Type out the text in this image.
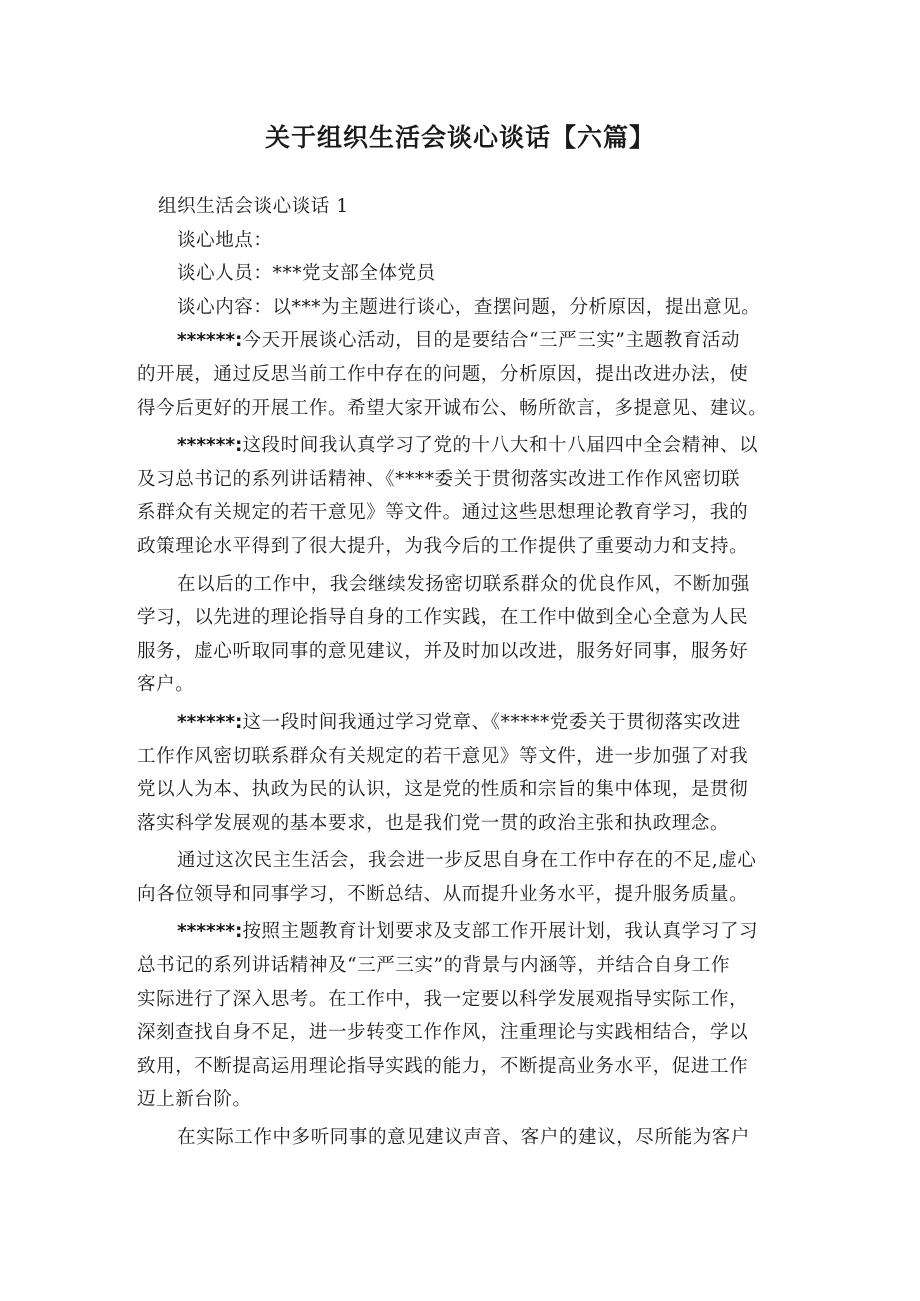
关于组织生活会谈心谈话【六篇】
组织生活会谈心谈话 1
谈心地点：
谈心人员：***党支部全体党员
谈心内容：以***为主题进行谈心，查摆问题，分析原因，提出意见。
******:今天开展谈心活动，目的是要结合“三严三实”主题教育活动
的开展，通过反思当前工作中存在的问题，分析原因，提出改进办法，使
得今后更好的开展工作。希望大家开诚布公、畅所欲言，多提意见、建议。
******:这段时间我认真学习了党的十八大和十八届四中全会精神、以
及习总书记的系列讲话精神、《****委关于贯彻落实改进工作作风密切联
系群众有关规定的若干意见》等文件。通过这些思想理论教育学习，我的
政策理论水平得到了很大提升，为我今后的工作提供了重要动力和支持。
在以后的工作中，我会继续发扬密切联系群众的优良作风，不断加强
学习，以先进的理论指导自身的工作实践，在工作中做到全心全意为人民
服务，虚心听取同事的意见建议，并及时加以改进，服务好同事，服务好
客户。
******:这一段时间我通过学习党章、《*****党委关于贯彻落实改进
工作作风密切联系群众有关规定的若干意见》等文件，进一步加强了对我
党以人为本、执政为民的认识，这是党的性质和宗旨的集中体现，是贯彻
落实科学发展观的基本要求，也是我们党一贯的政治主张和执政理念。
通过这次民主生活会，我会进一步反思自身在工作中存在的不足,虚心
向各位领导和同事学习，不断总结、从而提升业务水平，提升服务质量。
******:按照主题教育计划要求及支部工作开展计划，我认真学习了习
总书记的系列讲话精神及“三严三实”的背景与内涵等，并结合自身工作
实际进行了深入思考。在工作中，我一定要以科学发展观指导实际工作，
深刻查找自身不足，进一步转变工作作风，注重理论与实践相结合，学以
致用，不断提高运用理论指导实践的能力，不断提高业务水平，促进工作
迈上新台阶。
在实际工作中多听同事的意见建议声音、客户的建议，尽所能为客户
